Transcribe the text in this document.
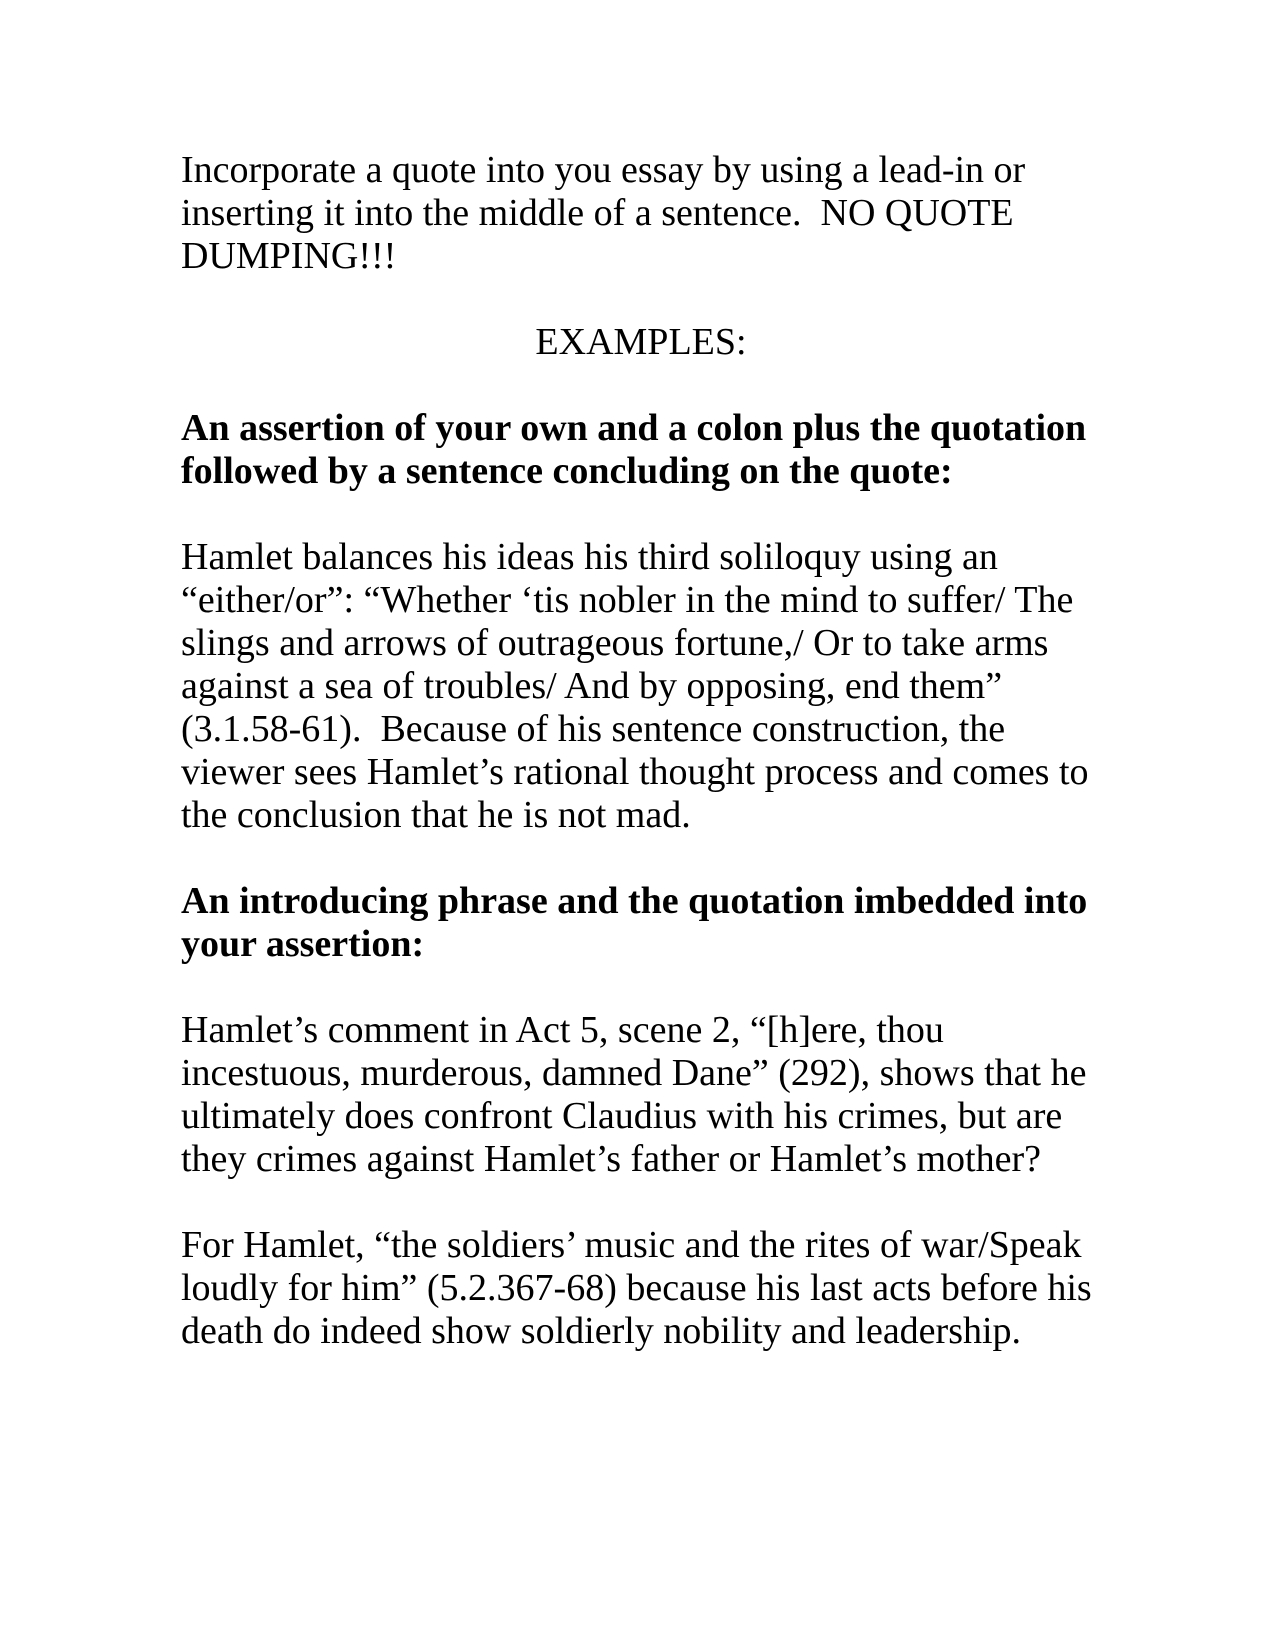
Incorporate a quote into you essay by using a lead-in or inserting it into the middle of a sentence.  NO QUOTE DUMPING!!!

EXAMPLES:

An assertion of your own and a colon plus the quotation followed by a sentence concluding on the quote:

Hamlet balances his ideas his third soliloquy using an “either/or”: “Whether ‘tis nobler in the mind to suffer/ The slings and arrows of outrageous fortune,/ Or to take arms against a sea of troubles/ And by opposing, end them” (3.1.58-61).  Because of his sentence construction, the viewer sees Hamlet’s rational thought process and comes to the conclusion that he is not mad.

An introducing phrase and the quotation imbedded into your assertion:

Hamlet’s comment in Act 5, scene 2, “[h]ere, thou incestuous, murderous, damned Dane” (292), shows that he ultimately does confront Claudius with his crimes, but are they crimes against Hamlet’s father or Hamlet’s mother?

For Hamlet, “the soldiers’ music and the rites of war/Speak loudly for him” (5.2.367-68) because his last acts before his death do indeed show soldierly nobility and leadership.
